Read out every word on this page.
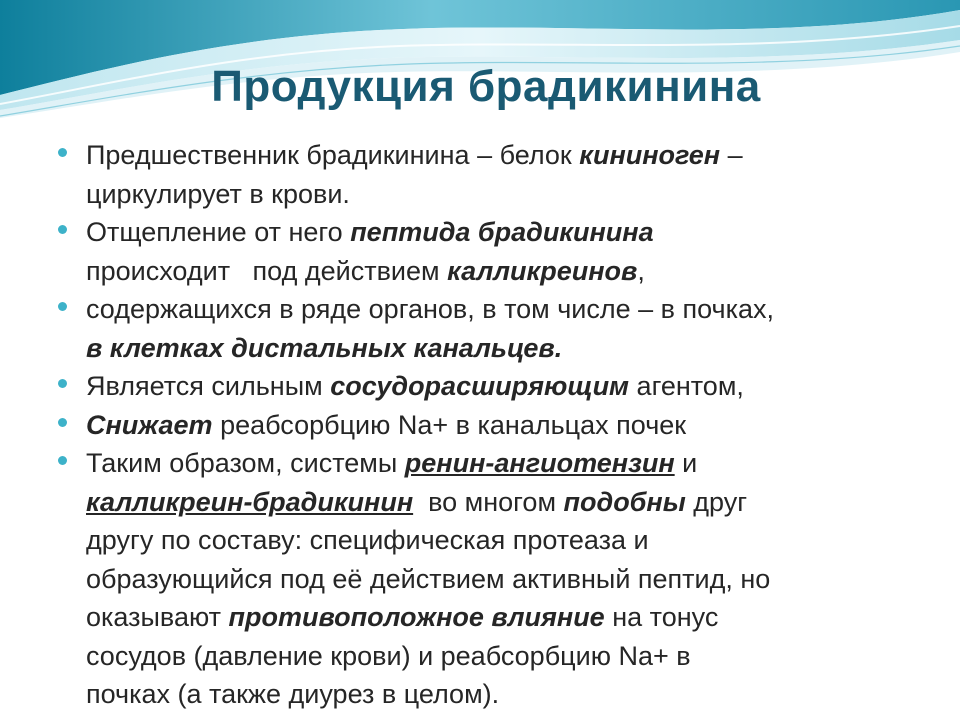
Продукция брадикинина
Предшественник брадикинина – белок кининоген –
циркулирует в крови.
Отщепление от него пептида брадикинина
происходит   под действием калликреинов,
содержащихся в ряде органов, в том числе – в почках,
в клетках дистальных канальцев.
Является сильным сосудорасширяющим агентом,
Снижает реабсорбцию Na+ в канальцах почек
Таким образом, системы ренин-ангиотензин и
калликреин-брадикинин  во многом подобны друг
другу по составу: специфическая протеаза и
образующийся под её действием активный пептид, но
оказывают противоположное влияние на тонус
сосудов (давление крови) и реабсорбцию Na+ в
почках (а также диурез в целом).
